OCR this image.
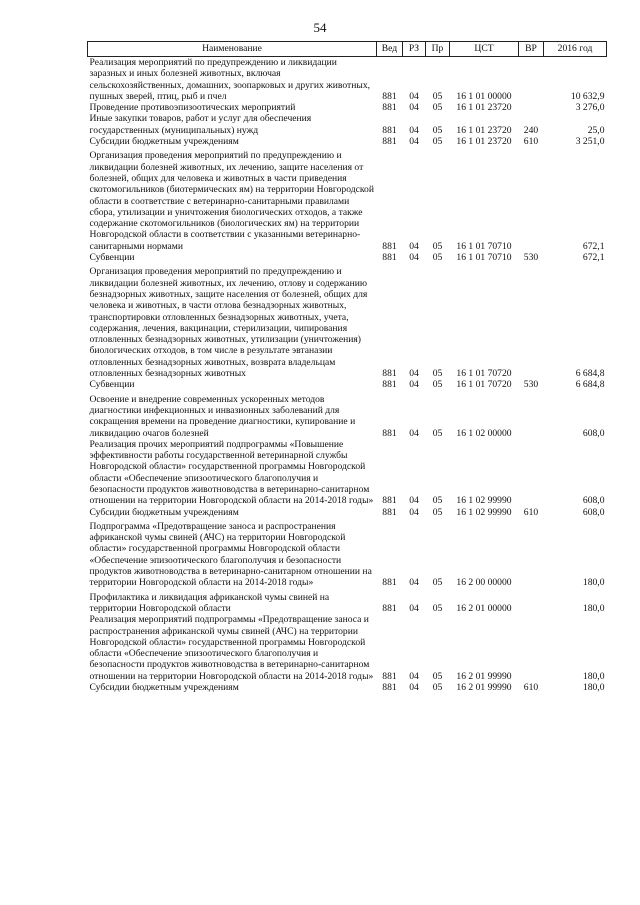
54
Наименование	Вед	РЗ	Пр	ЦСТ	ВР	2016 год
Реализация мероприятий по предупреждению и ликвидации заразных и иных болезней животных, включая сельскохозяйственных, домашних, зоопарковых и других животных, пушных зверей, птиц, рыб и пчел	881	04	05	16 1 01 00000		10 632,9
Проведение противоэпизоотических мероприятий	881	04	05	16 1 01 23720		3 276,0
Иные закупки товаров, работ и услуг для обеспечения государственных (муниципальных) нужд	881	04	05	16 1 01 23720	240	25,0
Субсидии бюджетным учреждениям	881	04	05	16 1 01 23720	610	3 251,0
Организация проведения мероприятий по предупреждению и ликвидации болезней животных, их лечению, защите населения от болезней, общих для человека и животных в части приведения скотомогильников (биотермических ям) на территории Новгородской области в соответствие с ветеринарно-санитарными правилами сбора, утилизации и уничтожения биологических отходов, а также содержание скотомогильников (биологических ям) на территории Новгородской области в соответствии с указанными ветеринарно-санитарными нормами	881	04	05	16 1 01 70710		672,1
Субвенции	881	04	05	16 1 01 70710	530	672,1
Организация проведения мероприятий по предупреждению и ликвидации болезней животных, их лечению, отлову и содержанию безнадзорных животных, защите населения от болезней, общих для человека и животных, в части отлова безнадзорных животных, транспортировки отловленных безнадзорных животных, учета, содержания, лечения, вакцинации, стерилизации, чипирования отловленных безнадзорных животных, утилизации (уничтожения) биологических отходов, в том числе в результате эвтаназии отловленных безнадзорных животных, возврата владельцам отловленных безнадзорных животных	881	04	05	16 1 01 70720		6 684,8
Субвенции	881	04	05	16 1 01 70720	530	6 684,8
Освоение и внедрение современных ускоренных методов диагностики инфекционных и инвазионных заболеваний для сокращения времени на проведение диагностики, купирование и ликвидацию очагов болезней	881	04	05	16 1 02 00000		608,0
Реализация прочих мероприятий подпрограммы «Повышение эффективности работы государственной ветеринарной службы Новгородской области» государственной программы Новгородской области «Обеспечение эпизоотического благополучия и безопасности продуктов животноводства в ветеринарно-санитарном отношении на территории Новгородской области на 2014-2018 годы»	881	04	05	16 1 02 99990		608,0
Субсидии бюджетным учреждениям	881	04	05	16 1 02 99990	610	608,0
Подпрограмма «Предотвращение заноса и распространения африканской чумы свиней (АЧС) на территории Новгородской области» государственной программы Новгородской области «Обеспечение эпизоотического благополучия и безопасности продуктов животноводства в ветеринарно-санитарном отношении на территории Новгородской области на 2014-2018 годы»	881	04	05	16 2 00 00000		180,0
Профилактика и ликвидация африканской чумы свиней на территории Новгородской области	881	04	05	16 2 01 00000		180,0
Реализация мероприятий подпрограммы «Предотвращение заноса и распространения африканской чумы свиней (АЧС) на территории Новгородской области» государственной программы Новгородской области «Обеспечение эпизоотического благополучия и безопасности продуктов животноводства в ветеринарно-санитарном отношении на территории Новгородской области на 2014-2018 годы»	881	04	05	16 2 01 99990		180,0
Субсидии бюджетным учреждениям	881	04	05	16 2 01 99990	610	180,0
